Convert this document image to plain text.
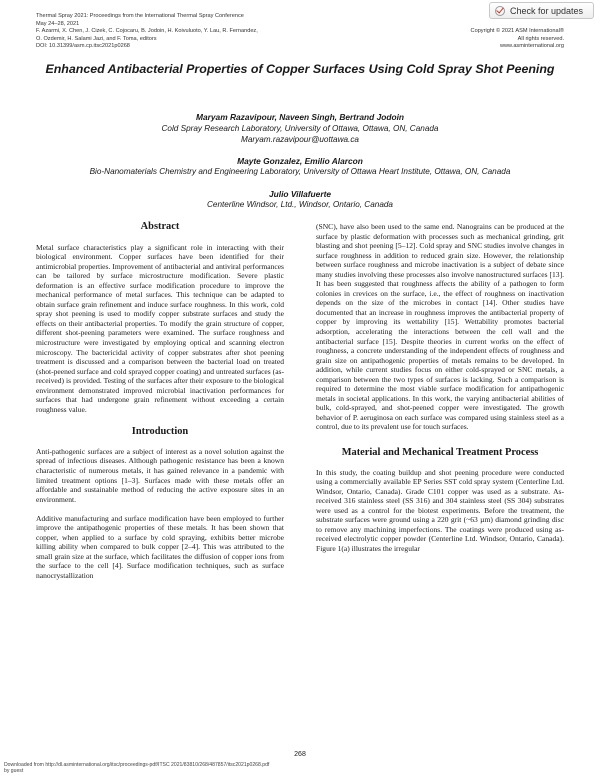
Thermal Spray 2021: Proceedings from the International Thermal Spray Conference
May 24–28, 2021
F. Azarmi, X. Chen, J. Cizek, C. Cojocaru, B. Jodoin, H. Koivuluoto, Y. Lau, R. Fernandez,
O. Ozdemir, H. Salami Jazi, and F. Toma, editors
DOI: 10.31399/asm.cp.itsc2021p0268
Copyright © 2021 ASM International®
All rights reserved.
www.asminternational.org
Check for updates
Enhanced Antibacterial Properties of Copper Surfaces Using Cold Spray Shot Peening
Maryam Razavipour, Naveen Singh, Bertrand Jodoin
Cold Spray Research Laboratory, University of Ottawa, Ottawa, ON, Canada
Maryam.razavipour@uottawa.ca
Mayte Gonzalez, Emilio Alarcon
Bio-Nanomaterials Chemistry and Engineering Laboratory, University of Ottawa Heart Institute, Ottawa, ON, Canada
Julio Villafuerte
Centerline Windsor, Ltd., Windsor, Ontario, Canada
Abstract

Metal surface characteristics play a significant role in interacting with their biological environment. Copper surfaces have been identified for their antimicrobial properties. Improvement of antibacterial and antiviral performances can be tailored by surface microstructure modification. Severe plastic deformation is an effective surface modification procedure to improve the mechanical performance of metal surfaces. This technique can be adapted to obtain surface grain refinement and induce surface roughness. In this work, cold spray shot peening is used to modify copper substrate surfaces and study the effects on their antibacterial properties. To modify the grain structure of copper, different shot-peening parameters were examined. The surface roughness and microstructure were investigated by employing optical and scanning electron microscopy. The bactericidal activity of copper substrates after shot peening treatment is discussed and a comparison between the bacterial load on treated (shot-peened surface and cold sprayed copper coating) and untreated surfaces (as-received) is provided. Testing of the surfaces after their exposure to the biological environment demonstrated improved microbial inactivation performances for surfaces that had undergone grain refinement without exceeding a certain roughness value.

Introduction

Anti-pathogenic surfaces are a subject of interest as a novel solution against the spread of infectious diseases. Although pathogenic resistance has been a known characteristic of numerous metals, it has gained relevance in a pandemic with limited treatment options [1–3]. Surfaces made with these metals offer an affordable and sustainable method of reducing the active exposure sites in an environment.

Additive manufacturing and surface modification have been employed to further improve the antipathogenic properties of these metals. It has been shown that copper, when applied to a surface by cold spraying, exhibits better microbe killing ability when compared to bulk copper [2–4]. This was attributed to the small grain size at the surface, which facilitates the diffusion of copper ions from the surface to the cell [4]. Surface modification techniques, such as surface nanocrystallization

(SNC), have also been used to the same end. Nanograins can be produced at the surface by plastic deformation with processes such as mechanical grinding, grit blasting and shot peening [5–12]. Cold spray and SNC studies involve changes in surface roughness in addition to reduced grain size. However, the relationship between surface roughness and microbe inactivation is a subject of debate since many studies involving these processes also involve nanostructured surfaces [13]. It has been suggested that roughness affects the ability of a pathogen to form colonies in crevices on the surface, i.e., the effect of roughness on inactivation depends on the size of the microbes in contact [14]. Other studies have documented that an increase in roughness improves the antibacterial property of copper by improving its wettability [15]. Wettability promotes bacterial adsorption, accelerating the interactions between the cell wall and the antibacterial surface [15]. Despite theories in current works on the effect of roughness, a concrete understanding of the independent effects of roughness and grain size on antipathogenic properties of metals remains to be developed. In addition, while current studies focus on either cold-sprayed or SNC metals, a comparison between the two types of surfaces is lacking. Such a comparison is required to determine the most viable surface modification for antipathogenic metals in societal applications. In this work, the varying antibacterial abilities of bulk, cold-sprayed, and shot-peened copper were investigated. The growth behavior of P. aeruginosa on each surface was compared using stainless steel as a control, due to its prevalent use for touch surfaces.

Material and Mechanical Treatment Process

In this study, the coating buildup and shot peening procedure were conducted using a commercially available EP Series SST cold spray system (Centerline Ltd. Windsor, Ontario, Canada). Grade C101 copper was used as a substrate. As-received 316 stainless steel (SS 316) and 304 stainless steel (SS 304) substrates were used as a control for the biotest experiments. Before the treatment, the substrate surfaces were ground using a 220 grit (~63 µm) diamond grinding disc to remove any machining imperfections. The coatings were produced using as-received electrolytic copper powder (Centerline Ltd. Windsor, Ontario, Canada). Figure 1(a) illustrates the irregular

268
Downloaded from http://dl.asminternational.org/itsc/proceedings-pdf/ITSC 2021/83810/268/487857/itsc2021p0268.pdf
by guest
